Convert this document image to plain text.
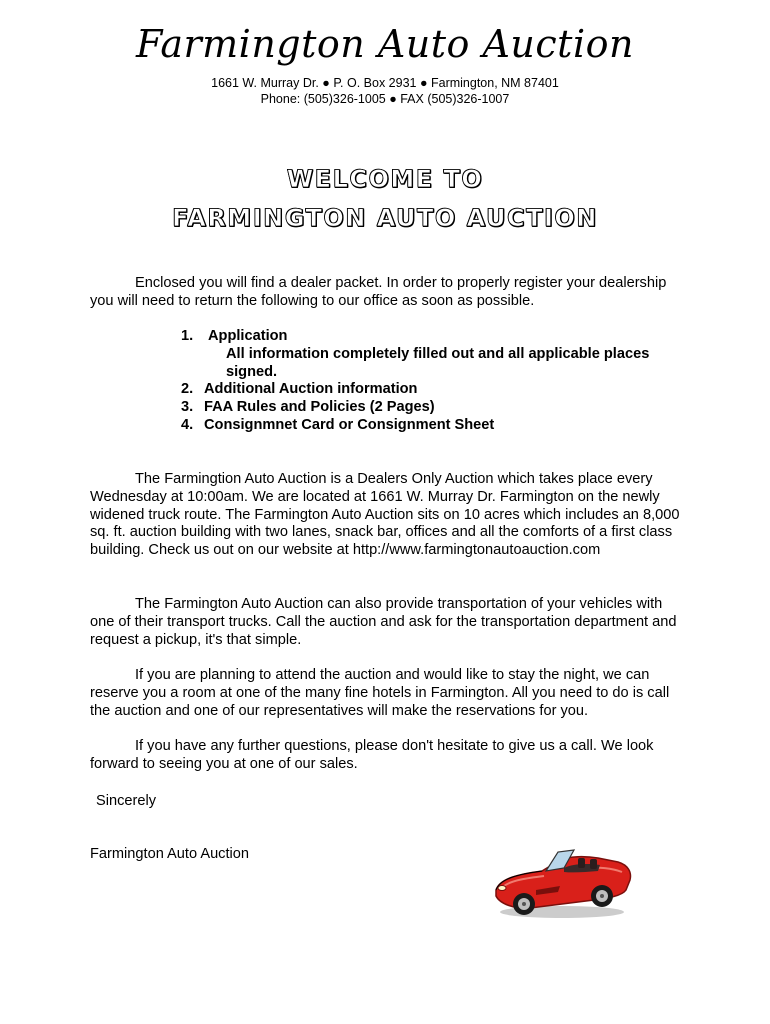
Farmington Auto Auction
1661 W. Murray Dr. ● P. O. Box 2931 ● Farmington, NM 87401
Phone: (505)326-1005 ● FAX (505)326-1007
WELCOME TO
FARMINGTON AUTO AUCTION

Enclosed you will find a dealer packet. In order to properly register your dealership you will need to return the following to our office as soon as possible.

1.	Application

All information completely filled out and all applicable places signed.

2. Additional Auction information
3. FAA Rules and Policies (2 Pages)
4. Consignmnet Card or Consignment Sheet

The Farmingtion Auto Auction is a Dealers Only Auction which takes place every Wednesday at 10:00am. We are located at 1661 W. Murray Dr. Farmington on the newly widened truck route. The Farmington Auto Auction sits on 10 acres which includes an 8,000 sq. ft. auction building with two lanes, snack bar, offices and all the comforts of a first class building. Check us out on our website at http://www.farmingtonautoauction.com

The Farmington Auto Auction can also provide transportation of your vehicles with one of their transport trucks. Call the auction and ask for the transportation department and request a pickup, it's that simple.

If you are planning to attend the auction and would like to stay the night, we can reserve you a room at one of the many fine hotels in Farmington. All you need to do is call the auction and one of our representatives will make the reservations for you.

If you have any further questions, please don't hesitate to give us a call. We look forward to seeing you at one of our sales.

Sincerely
Farmington Auto Auction
